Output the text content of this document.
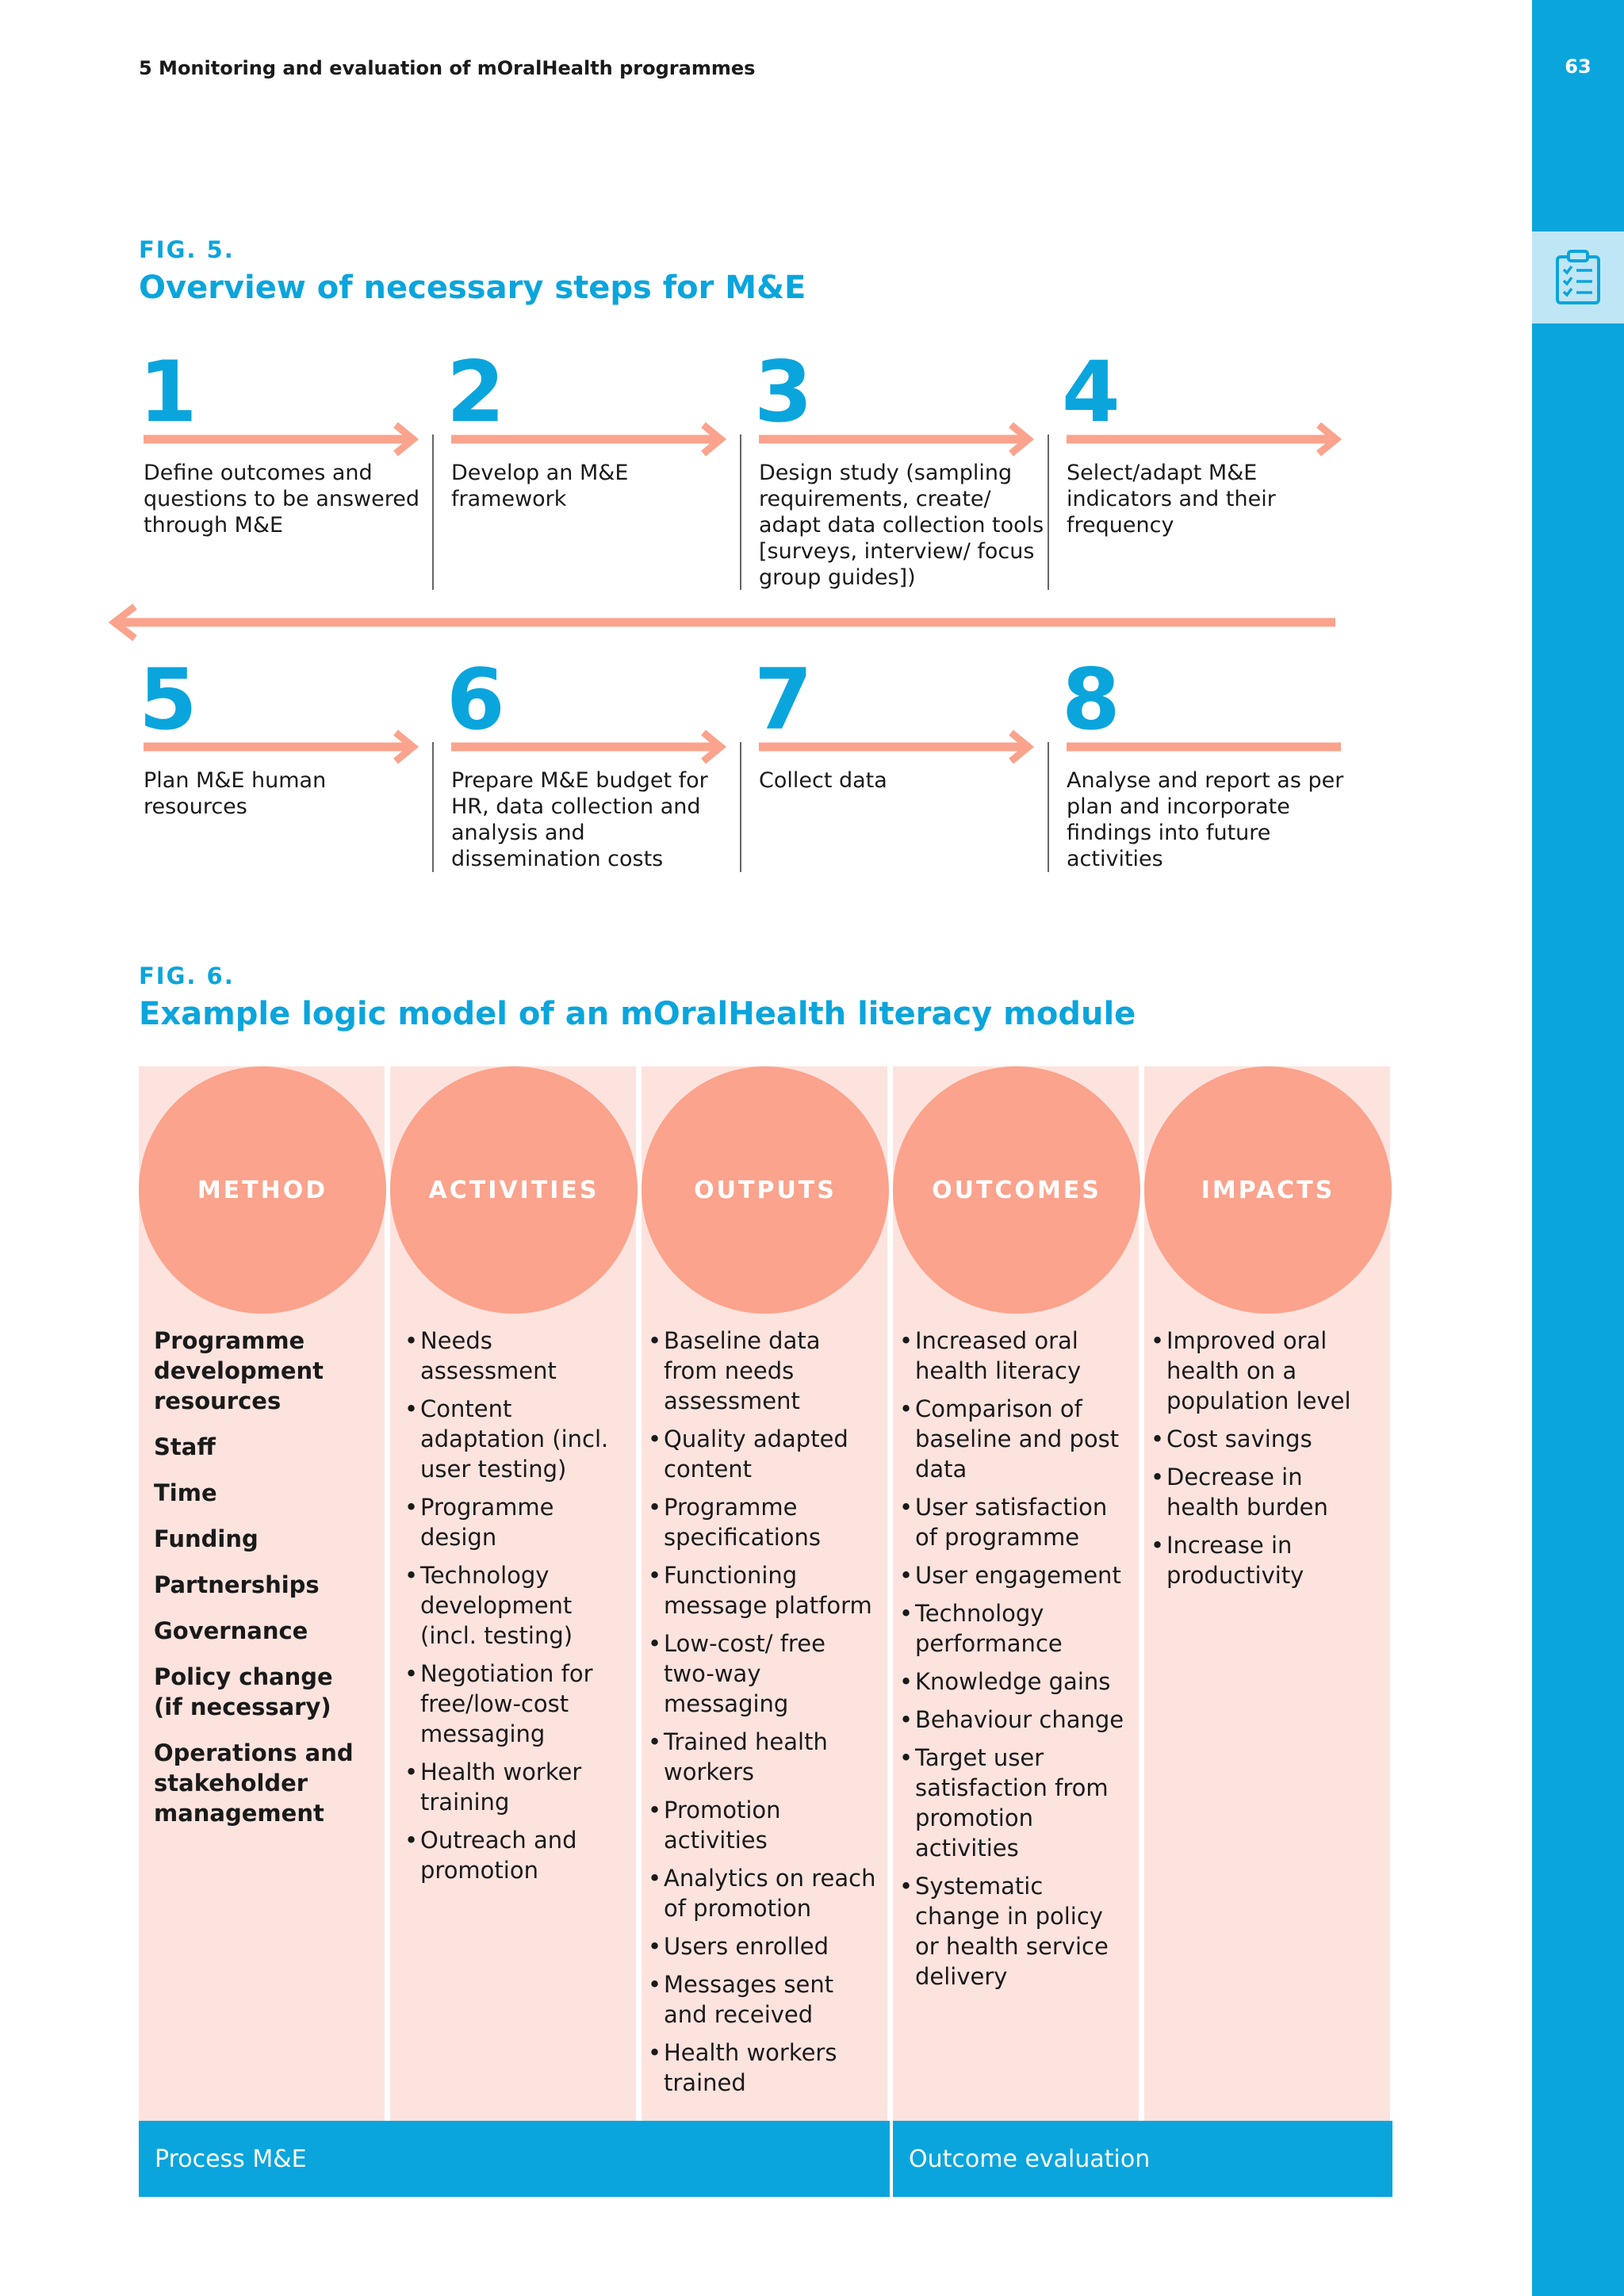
63
5 Monitoring and evaluation of mOralHealth programmes
FIG. 5.
Overview of necessary steps for M&E
1
Define outcomes and questions to be answered through M&E
2
Develop an M&E framework
3
Design study (sampling requirements, create/ adapt data collection tools [surveys, interview/ focus group guides])
4
Select/adapt M&E indicators and their frequency
5
Plan M&E human resources
6
Prepare M&E budget for HR, data collection and analysis and dissemination costs
7
Collect data
8
Analyse and report as per plan and incorporate findings into future activities
FIG. 6.
Example logic model of an mOralHealth literacy module
METHOD	ACTIVITIES	OUTPUTS	OUTCOMES	IMPACTS
Programme development resources
Staff
Time
Funding
Partnerships
Governance
Policy change (if necessary)
Operations and stakeholder management
• Needs assessment
• Content adaptation (incl. user testing)
• Programme design
• Technology development (incl. testing)
• Negotiation for free/low-cost messaging
• Health worker training
• Outreach and promotion
• Baseline data from needs assessment
• Quality adapted content
• Programme specifications
• Functioning message platform
• Low-cost/ free two-way messaging
• Trained health workers
• Promotion activities
• Analytics on reach of promotion
• Users enrolled
• Messages sent and received
• Health workers trained
• Increased oral health literacy
• Comparison of baseline and post data
• User satisfaction of programme
• User engagement
• Technology performance
• Knowledge gains
• Behaviour change
• Target user satisfaction from promotion activities
• Systematic change in policy or health service delivery
• Improved oral health on a population level
• Cost savings
• Decrease in health burden
• Increase in productivity
Process M&E	Outcome evaluation
